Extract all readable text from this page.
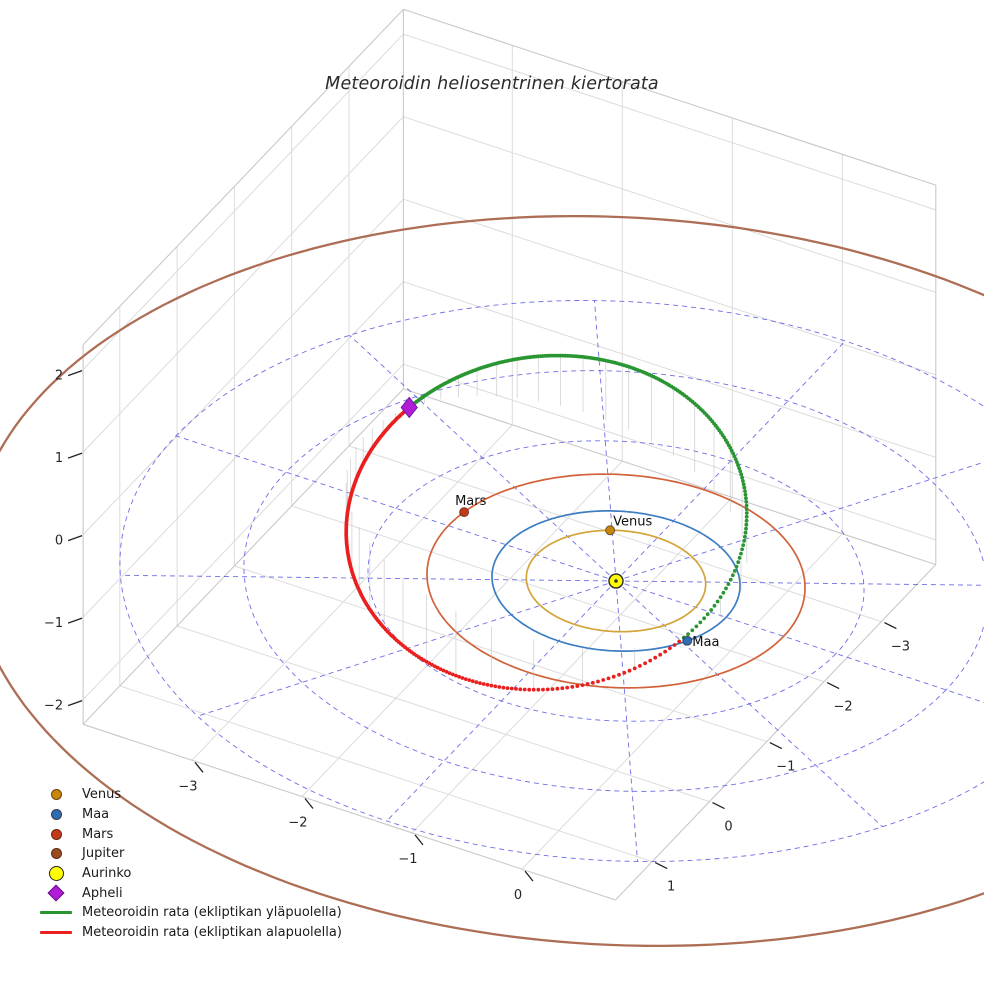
Venus
Maa
Mars
−3
−2
−1
0
−3
−2
−1
0
1
−2
−1
0
1
2
Meteoroidin heliosentrinen kiertorata
Venus
Maa
Mars
Jupiter
Aurinko
Apheli
Meteoroidin rata (ekliptikan yläpuolella)
Meteoroidin rata (ekliptikan alapuolella)
